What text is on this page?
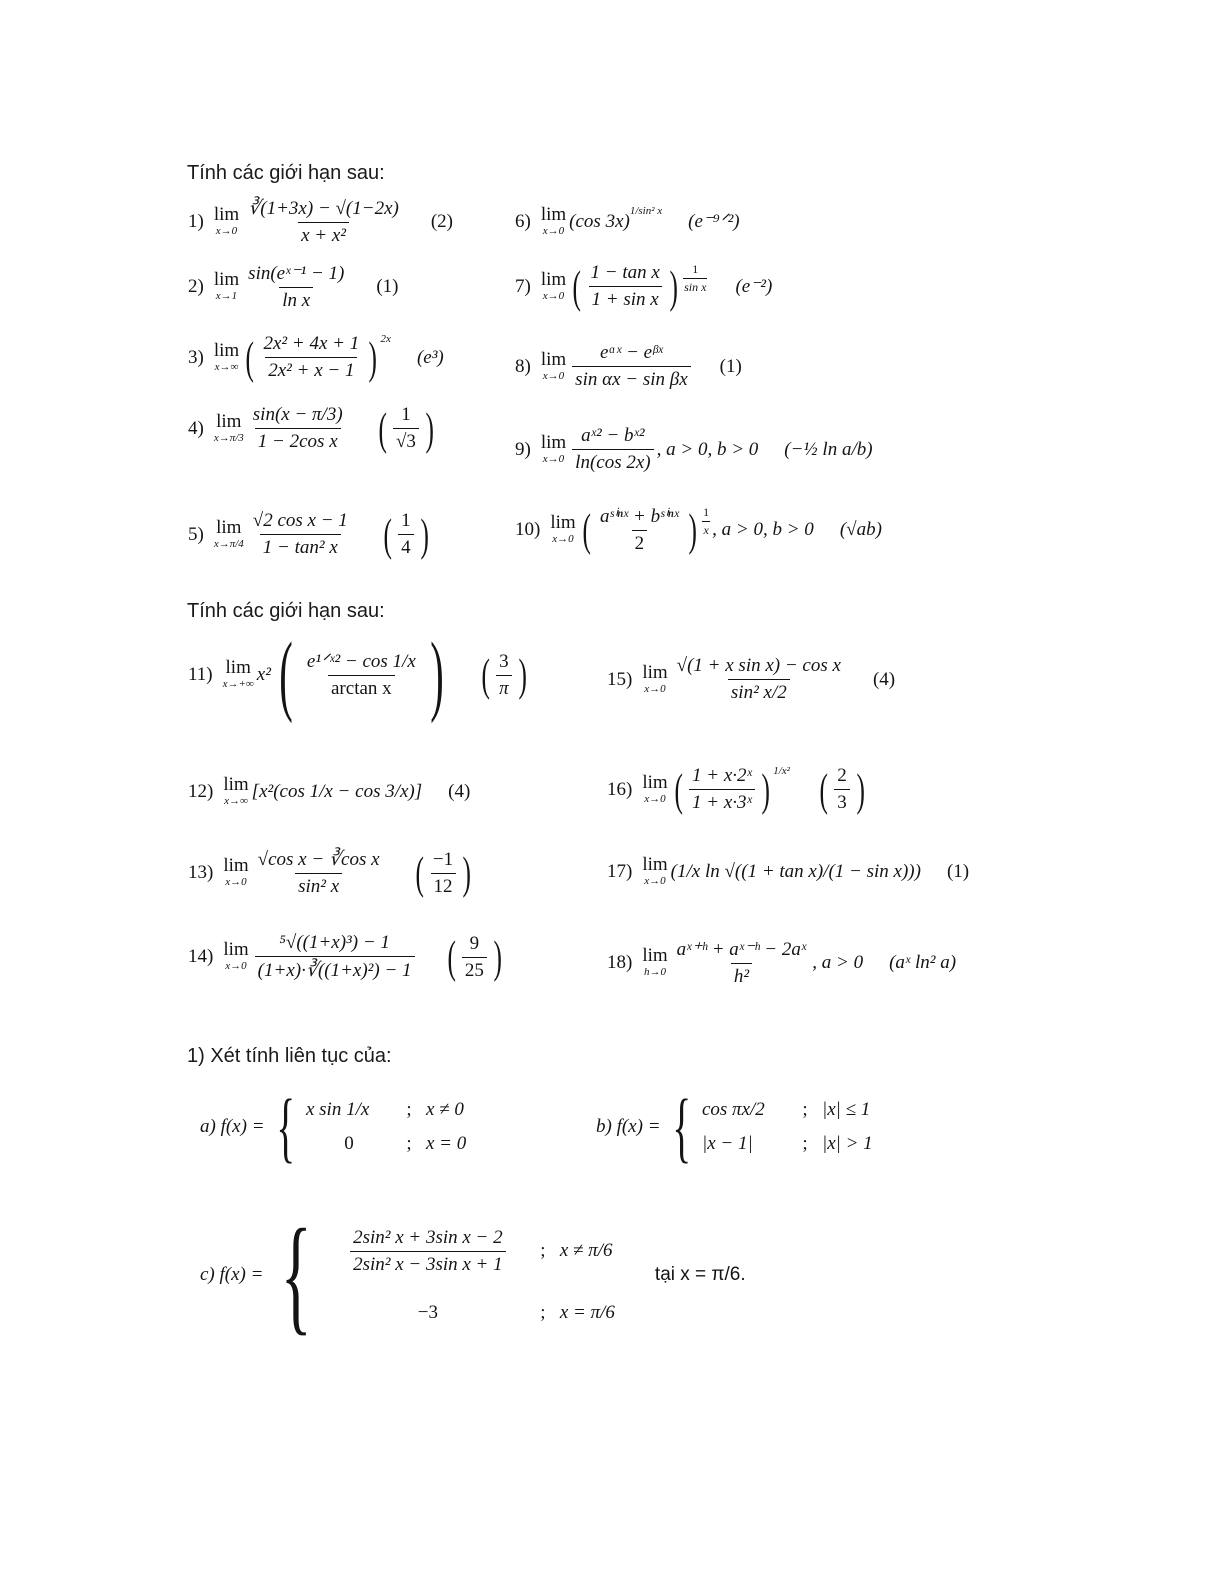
Tính các giới hạn sau:
1) lim
$x\to 0 \frac{∛(1+3x) - √(1-2x)}{\text{x + x²}} (2)$
2) lim
$x\to 1 \frac{\text{sin(eˣ⁻¹ − 1)}}{\text{ln x}} (1)$
3) lim
x→∞ ( $\frac{\text{2x² + 4x + 1}}{\text{2x² + x − 1}}$ ) $^{2x}$
(e³)
4) lim
$x\to\pi/3 \frac{\sin(x - \pi/3)}{\text{1 − 2cos x}}$ ( $\frac{1}{√3}$ )
5) lim
$x\to\pi/4 \frac{\text{√2 cos x − 1}}{\text{1 − tan² x}}$ ( $\frac{1}{4}$ )
6) lim
x→0 (cos 3x)$^{1/sin^2 x}$
(e⁻⁹ᐟ²)
7) lim
x→0 ( $\frac{\text{1 − tan x}}{\text{1 + sin x}}$ ) 1
sin x (e⁻²)
8) lim
$x\to 0 \frac{\text{eᵅˣ − eᵝˣ}}{\text{sin αx − sin βx}} (1)$
9) lim
$x\to 0 \frac{\text{aˣ² − bˣ²}}{\ln(\cos 2x)}$ , a > 0, b > 0 (−½ ln a/b)
10) lim
x→0 ( $\frac{\text{aˢⁱⁿˣ + bˢⁱⁿˣ}}{2}$ ) 1
x , a > 0, b > 0 (√ab)
Tính các giới hạn sau:
11) lim
x→+∞ x² ( $\frac{\text{e¹ᐟˣ² − cos 1/x}}{\text{arctan x}}$ ) ( $\frac{3}{\pi}$ )
12) lim
x→∞ [x²(cos 1/x − cos 3/x)] (4)
13) lim
$x\to 0 \frac{\text{√cos x − ∛cos x}}{\text{sin² x}}$ ( $\frac{-1}{12}$ )
14) lim
$x\to 0 \frac{\text{⁵√((1+x)³) − 1}}{\text{(1+x)·∛((1+x)²) − 1}}$ ( $\frac{9}{25}$ )
15) lim
$x\to 0 \frac{\text{√(1 + x sin x) − cos x}}{\text{sin² x/2}} (4)$
16) lim
x→0 ( $\frac{\text{1 + x·2ˣ}}{\text{1 + x·3ˣ}}$ ) $^{1/x^2}$ ( $\frac{2}{3}$ )
17) lim
x→0 (1/x ln √((1 + tan x)/(1 − sin x))) (1)
18) lim
$h\to 0 \frac{\text{aˣ⁺ʰ + aˣ⁻ʰ − 2aˣ}}{\text{h²}}$ , a > 0 (aˣ ln² a)
1) Xét tính liên tục của:
a) f(x) = { x sin 1/x	; x ≠ 0
0	; x = 0
b) f(x) = { cos πx/2	; |x| ≤ 1
|x − 1|	; |x| > 1
c) f(x) = { $\frac{\text{2sin² x + 3sin x − 2}}{\text{2sin² x − 3sin x + 1}}$ ; x ≠ π/6
−3	; x = π/6
tại x = π/6.
